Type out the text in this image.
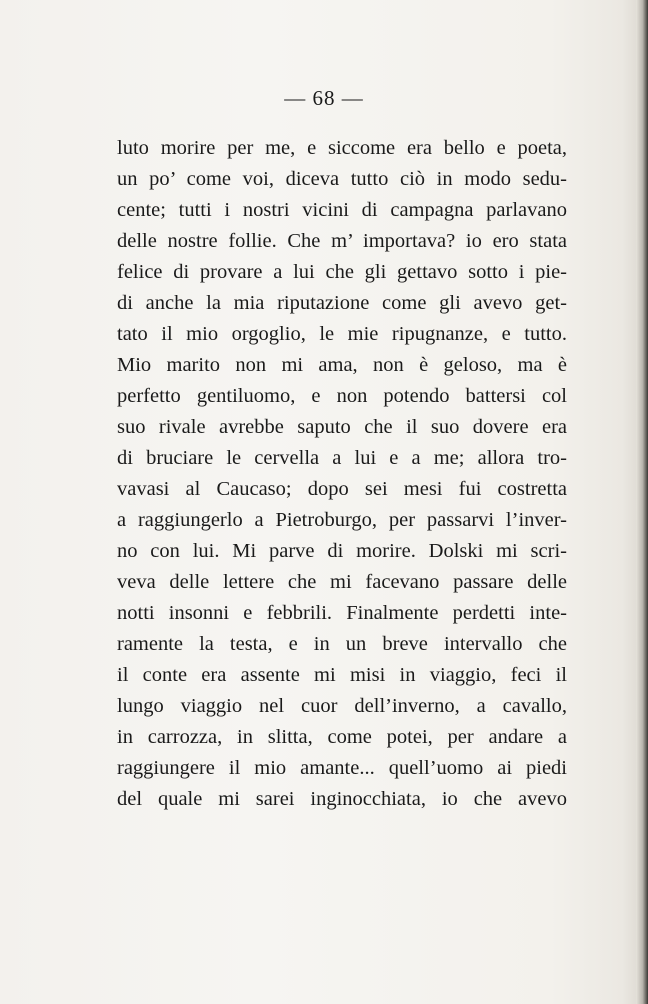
— 68 —
luto morire per me, e siccome era bello e poeta,
un po’ come voi, diceva tutto ciò in modo sedu-
cente; tutti i nostri vicini di campagna parlavano
delle nostre follie. Che m’ importava? io ero stata
felice di provare a lui che gli gettavo sotto i pie-
di anche la mia riputazione come gli avevo get-
tato il mio orgoglio, le mie ripugnanze, e tutto.
Mio marito non mi ama, non è geloso, ma è
perfetto gentiluomo, e non potendo battersi col
suo rivale avrebbe saputo che il suo dovere era
di bruciare le cervella a lui e a me; allora tro-
vavasi al Caucaso; dopo sei mesi fui costretta
a raggiungerlo a Pietroburgo, per passarvi l’inver-
no con lui. Mi parve di morire. Dolski mi scri-
veva delle lettere che mi facevano passare delle
notti insonni e febbrili. Finalmente perdetti inte-
ramente la testa, e in un breve intervallo che
il conte era assente mi misi in viaggio, feci il
lungo viaggio nel cuor dell’inverno, a cavallo,
in carrozza, in slitta, come potei, per andare a
raggiungere il mio amante... quell’uomo ai piedi
del quale mi sarei inginocchiata, io che avevo
